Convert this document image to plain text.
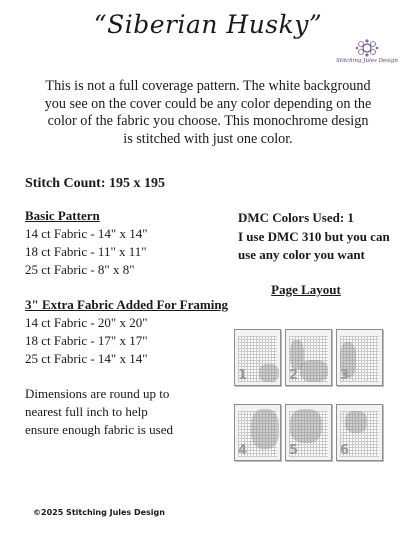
“Siberian Husky”
Stitching Jules Design
This is not a full coverage pattern. The white background
you see on the cover could be any color depending on the
color of the fabric you choose. This monochrome design
is stitched with just one color.
Stitch Count: 195 x 195
Basic Pattern
14 ct Fabric - 14" x 14"
18 ct Fabric - 11" x 11"
25 ct Fabric - 8" x 8"
3" Extra Fabric Added For Framing
14 ct Fabric - 20" x 20"
18 ct Fabric - 17" x 17"
25 ct Fabric - 14" x 14"
Dimensions are round up to
nearest full inch to help
ensure enough fabric is used
DMC Colors Used: 1
I use DMC 310 but you can
use any color you want
Page Layout
1	2	3
4	5	6
©2025 Stitching Jules Design
